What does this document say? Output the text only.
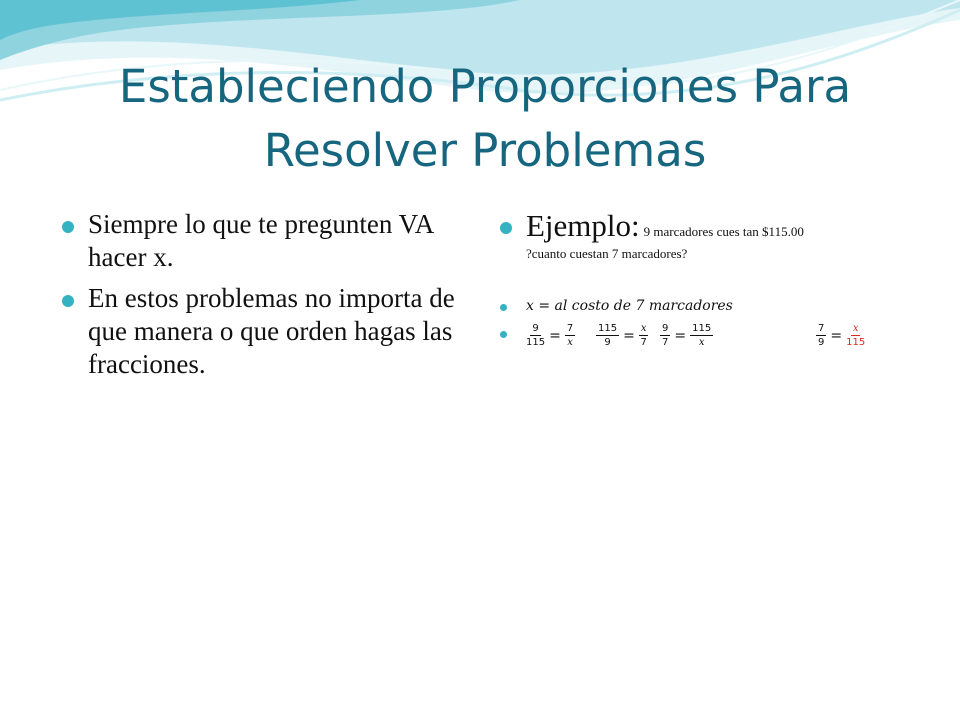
Estableciendo Proporciones Para
Resolver Problemas
Siempre lo que te pregunten VA hacer x.
En estos problemas no importa de que manera o que orden hagas las fracciones.
Ejemplo: 9 marcadores cues tan $115.00
?cuanto cuestan 7 marcadores?
x = al costo de 7 marcadores
$\frac{9}{115} = \frac{7}{x} \frac{115}{9} = \frac{x}{7} \frac{9}{7} = \frac{115}{x}$	$\frac{7}{9} = \frac{x}{115}$
